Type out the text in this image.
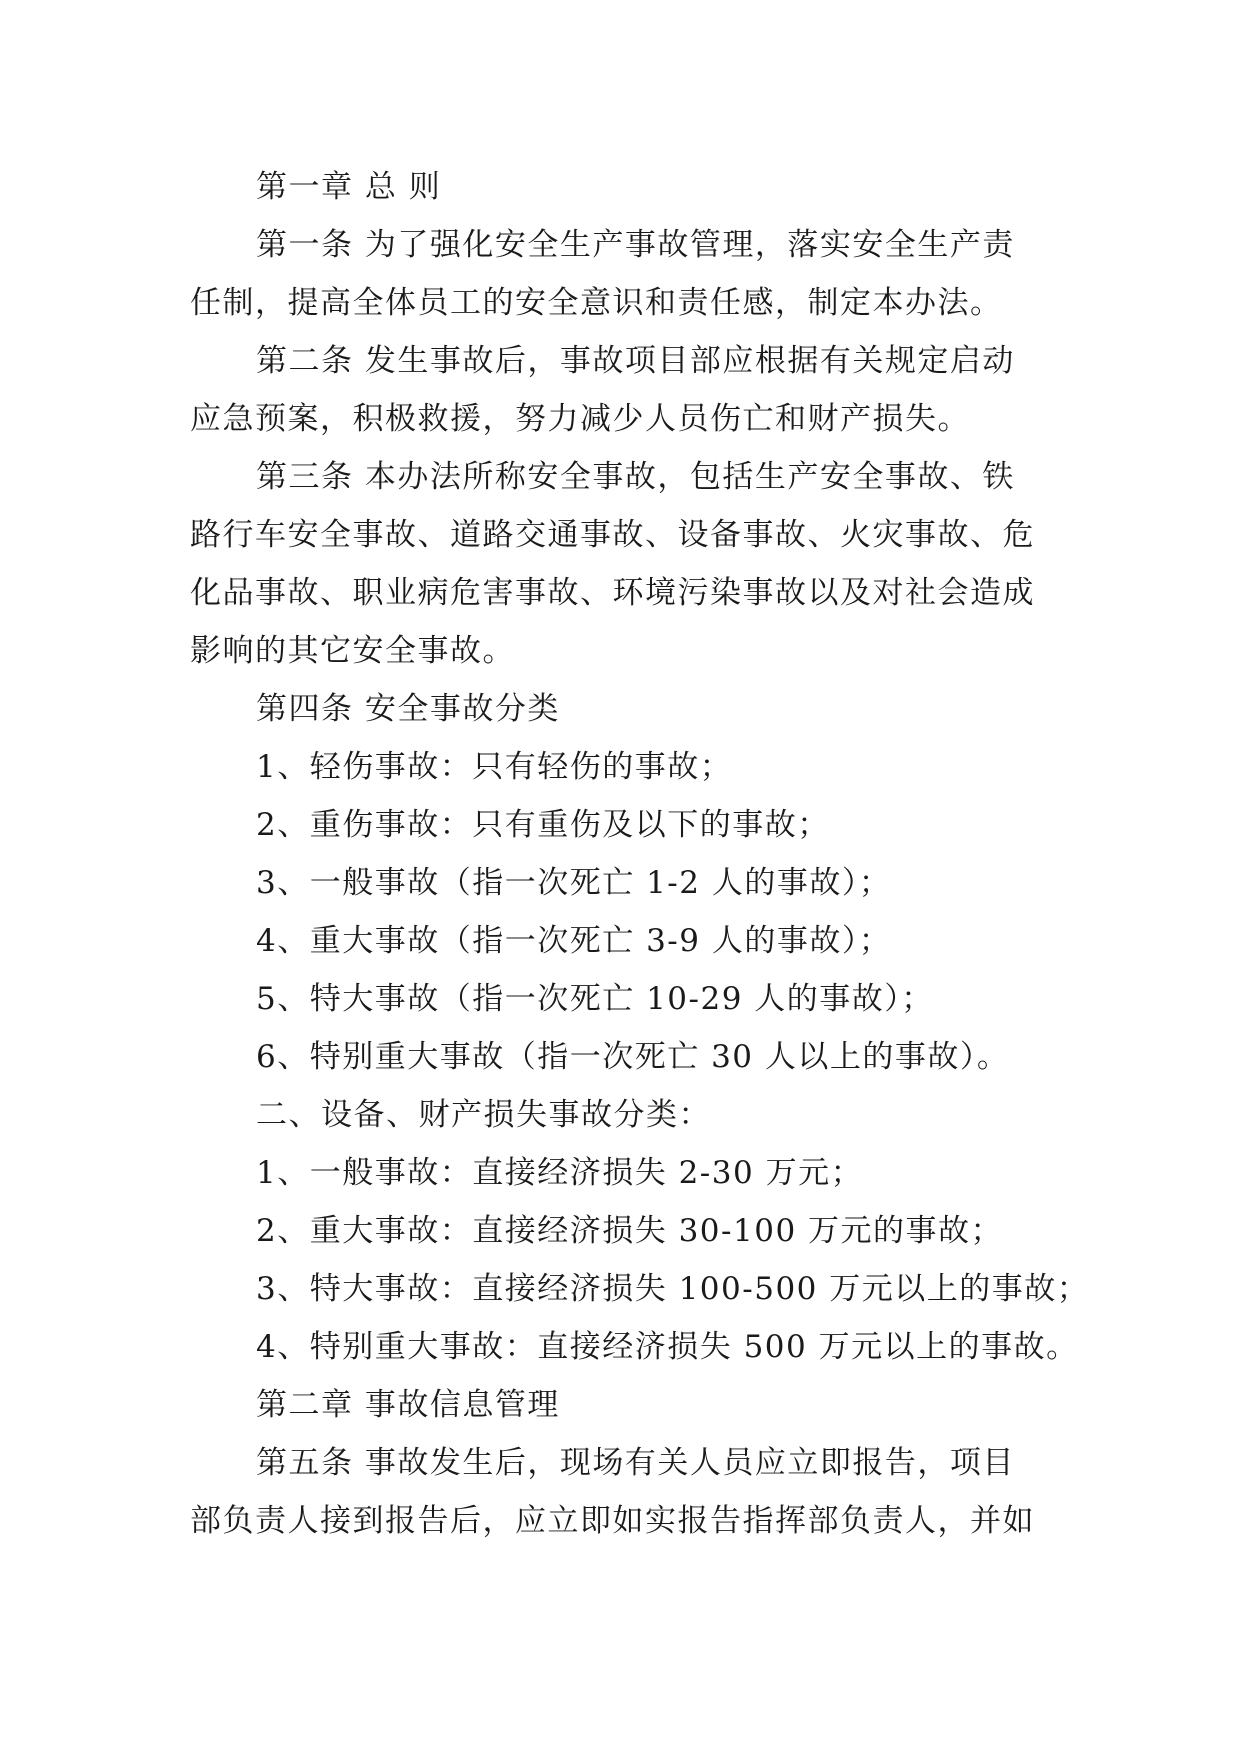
第一章 总 则
第一条 为了强化安全生产事故管理，落实安全生产责
任制，提高全体员工的安全意识和责任感，制定本办法。
第二条 发生事故后，事故项目部应根据有关规定启动
应急预案，积极救援，努力减少人员伤亡和财产损失。
第三条 本办法所称安全事故，包括生产安全事故、铁
路行车安全事故、道路交通事故、设备事故、火灾事故、危
化品事故、职业病危害事故、环境污染事故以及对社会造成
影响的其它安全事故。
第四条 安全事故分类
1、轻伤事故：只有轻伤的事故；
2、重伤事故：只有重伤及以下的事故；
3、一般事故（指一次死亡 1-2 人的事故）；
4、重大事故（指一次死亡 3-9 人的事故）；
5、特大事故（指一次死亡 10-29 人的事故）；
6、特别重大事故（指一次死亡 30 人以上的事故）。
二、设备、财产损失事故分类：
1、一般事故：直接经济损失 2-30 万元；
2、重大事故：直接经济损失 30-100 万元的事故；
3、特大事故：直接经济损失 100-500 万元以上的事故；
4、特别重大事故：直接经济损失 500 万元以上的事故。
第二章 事故信息管理
第五条 事故发生后，现场有关人员应立即报告，项目
部负责人接到报告后，应立即如实报告指挥部负责人，并如
